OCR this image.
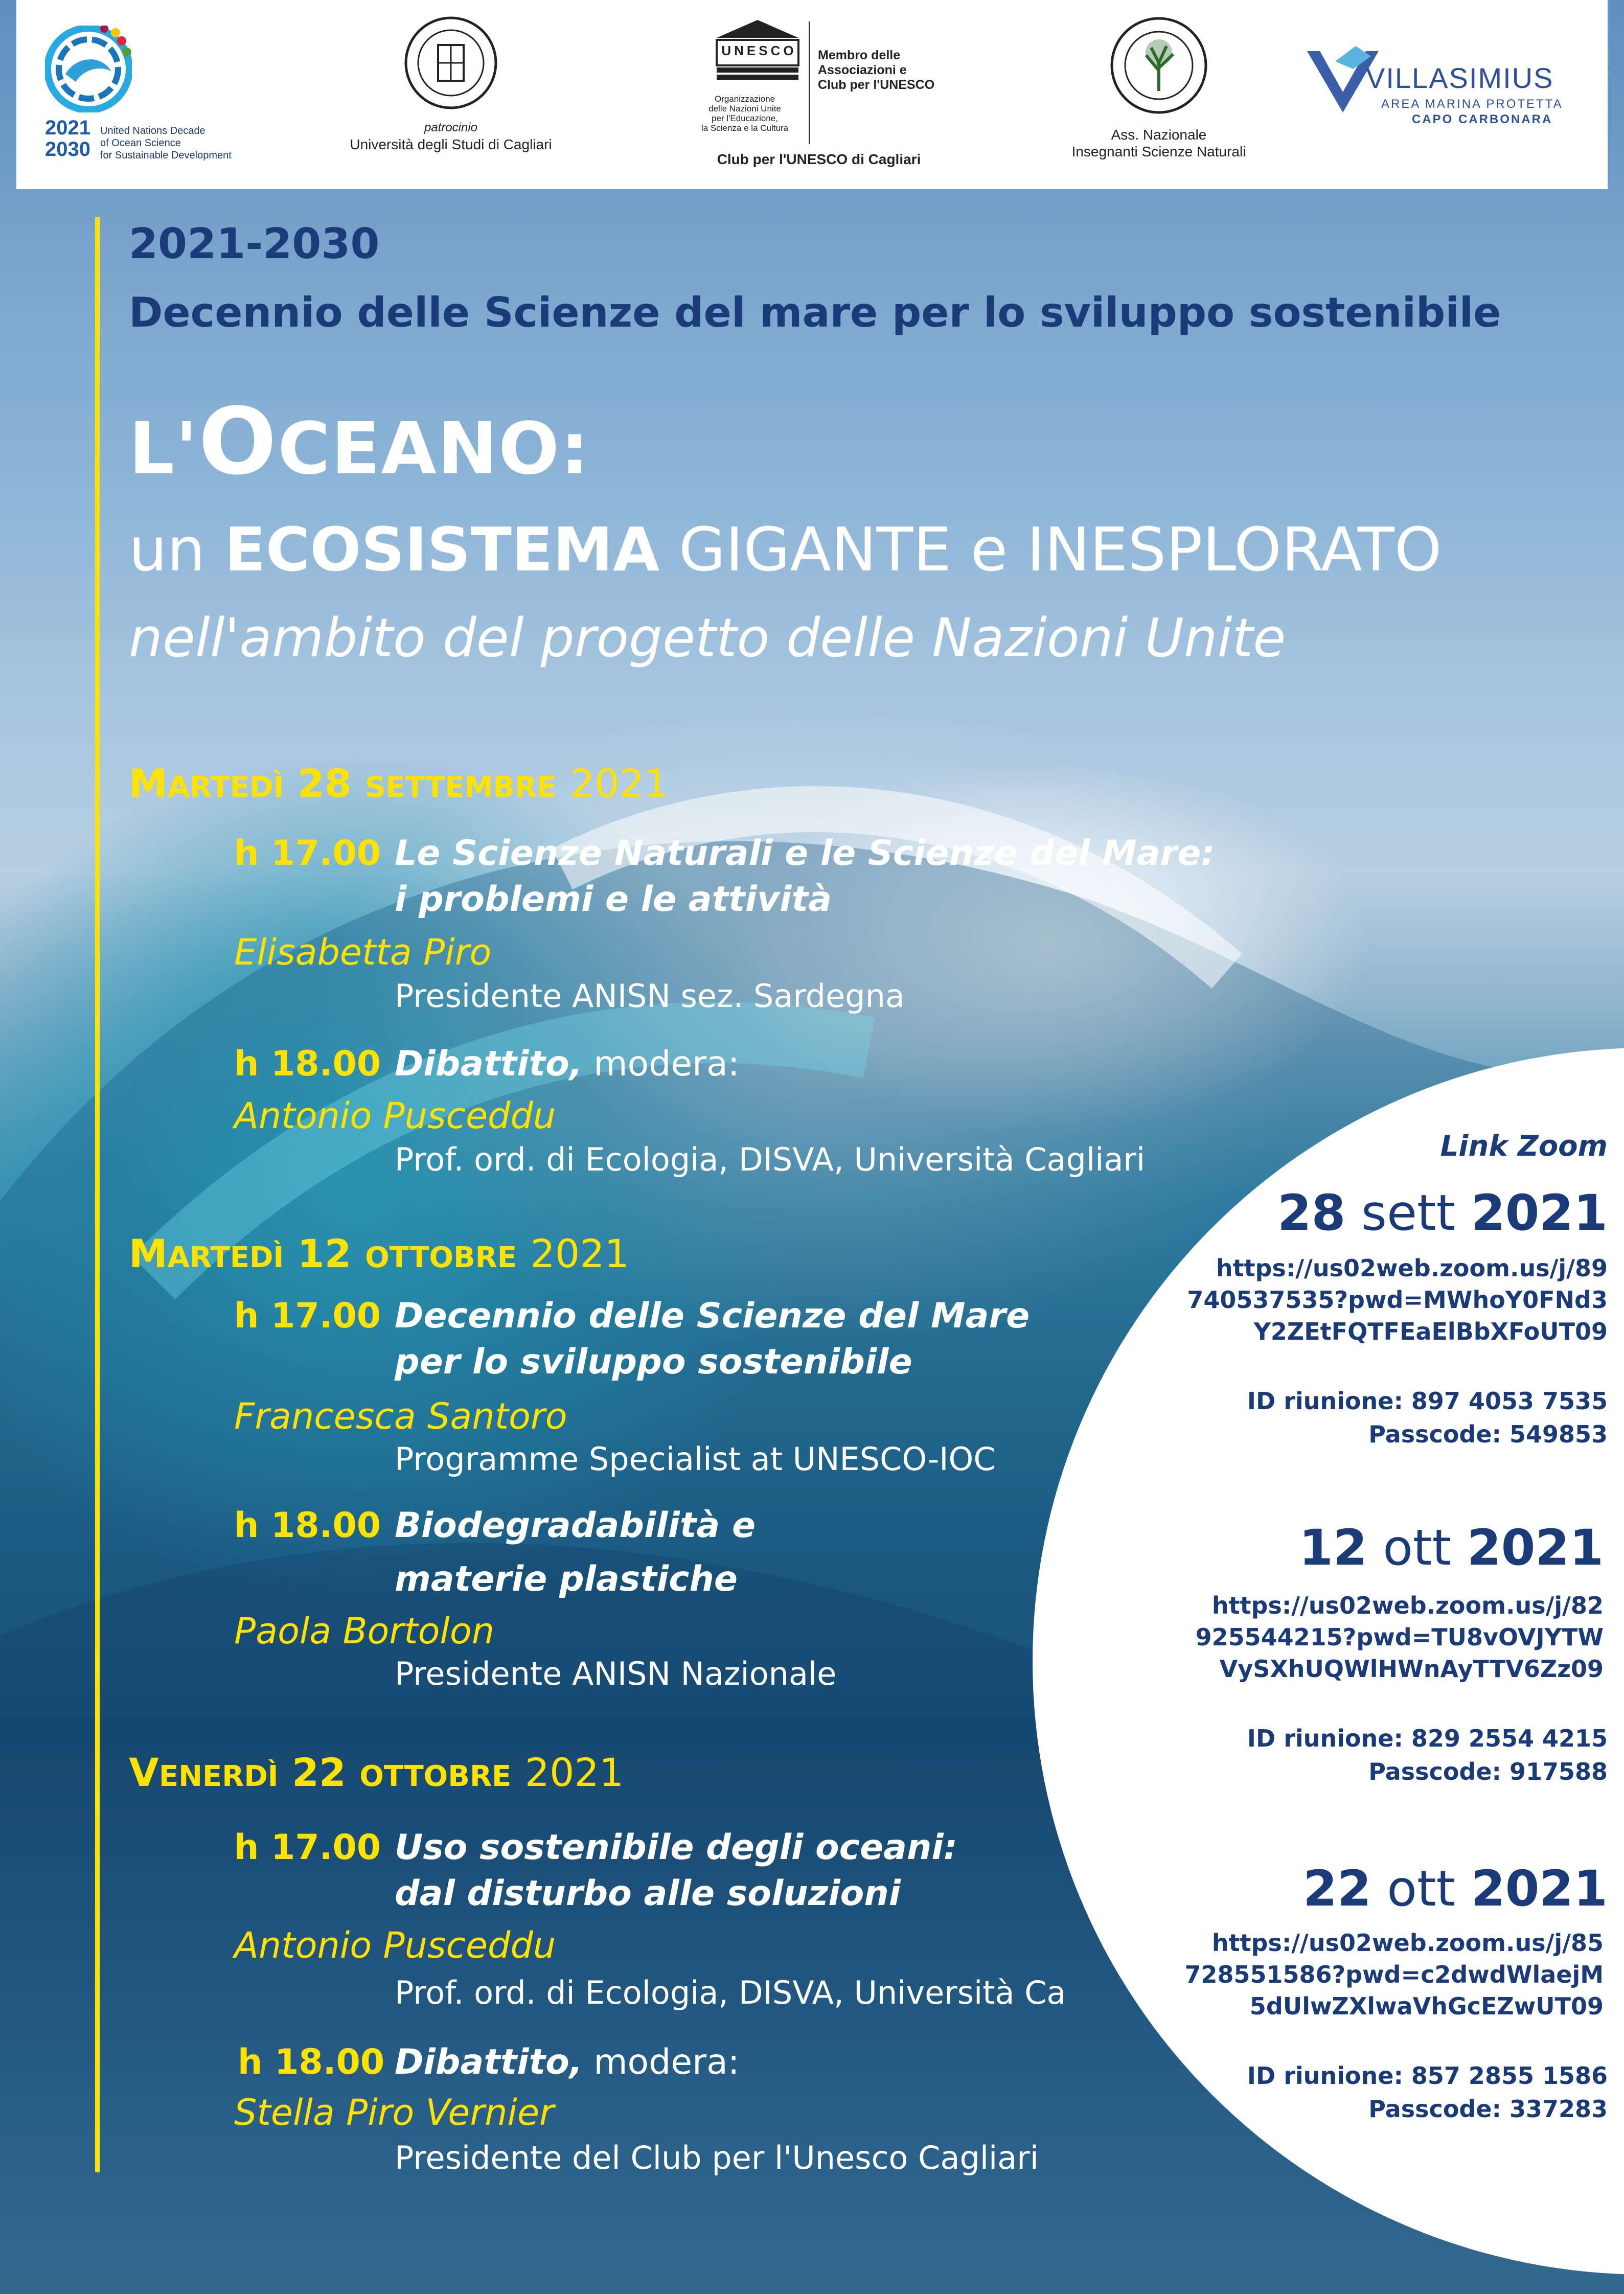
2021
2030
United Nations Decade
of Ocean Science
for Sustainable Development
patrocinio
Università degli Studi di Cagliari
UNESCO Membro delle
Associazioni e
Club per l'UNESCO
Organizzazione
delle Nazioni Unite
per l'Educazione,
la Scienza e la Cultura
Club per l'UNESCO di Cagliari
Ass. Nazionale
Insegnanti Scienze Naturali
VILLASIMIUS
AREA MARINA PROTETTA
CAPO CARBONARA
2021-2030
Decennio delle Scienze del mare per lo sviluppo sostenibile
L'OCEANO:
un ECOSISTEMA GIGANTE e INESPLORATO
nell'ambito del progetto delle Nazioni Unite
MARTEDÌ 28 SETTEMBRE 2021
h 17.00 Le Scienze Naturali e le Scienze del Mare:
i problemi e le attività
Elisabetta Piro
Presidente ANISN sez. Sardegna
h 18.00 Dibattito, modera:
Antonio Pusceddu
Prof. ord. di Ecologia, DISVA, Università Cagliari
MARTEDÌ 12 OTTOBRE 2021
h 17.00 Decennio delle Scienze del Mare
per lo sviluppo sostenibile
Francesca Santoro
Programme Specialist at UNESCO-IOC
h 18.00 Biodegradabilità e
materie plastiche
Paola Bortolon
Presidente ANISN Nazionale
VENERDÌ 22 OTTOBRE 2021
h 17.00 Uso sostenibile degli oceani:
dal disturbo alle soluzioni
Antonio Pusceddu
Prof. ord. di Ecologia, DISVA, Università Ca
h 18.00 Dibattito, modera:
Stella Piro Vernier
Presidente del Club per l'Unesco Cagliari
Link Zoom
28 sett 2021
https://us02web.zoom.us/j/89
740537535?pwd=MWhoY0FNd3
Y2ZEtFQTFEaElBbXFoUT09
ID riunione: 897 4053 7535
Passcode: 549853
12 ott 2021
https://us02web.zoom.us/j/82
925544215?pwd=TU8vOVJYTW
VySXhUQWlHWnAyTTV6Zz09
ID riunione: 829 2554 4215
Passcode: 917588
22 ott 2021
https://us02web.zoom.us/j/85
728551586?pwd=c2dwdWlaejM
5dUlwZXlwaVhGcEZwUT09
ID riunione: 857 2855 1586
Passcode: 337283
